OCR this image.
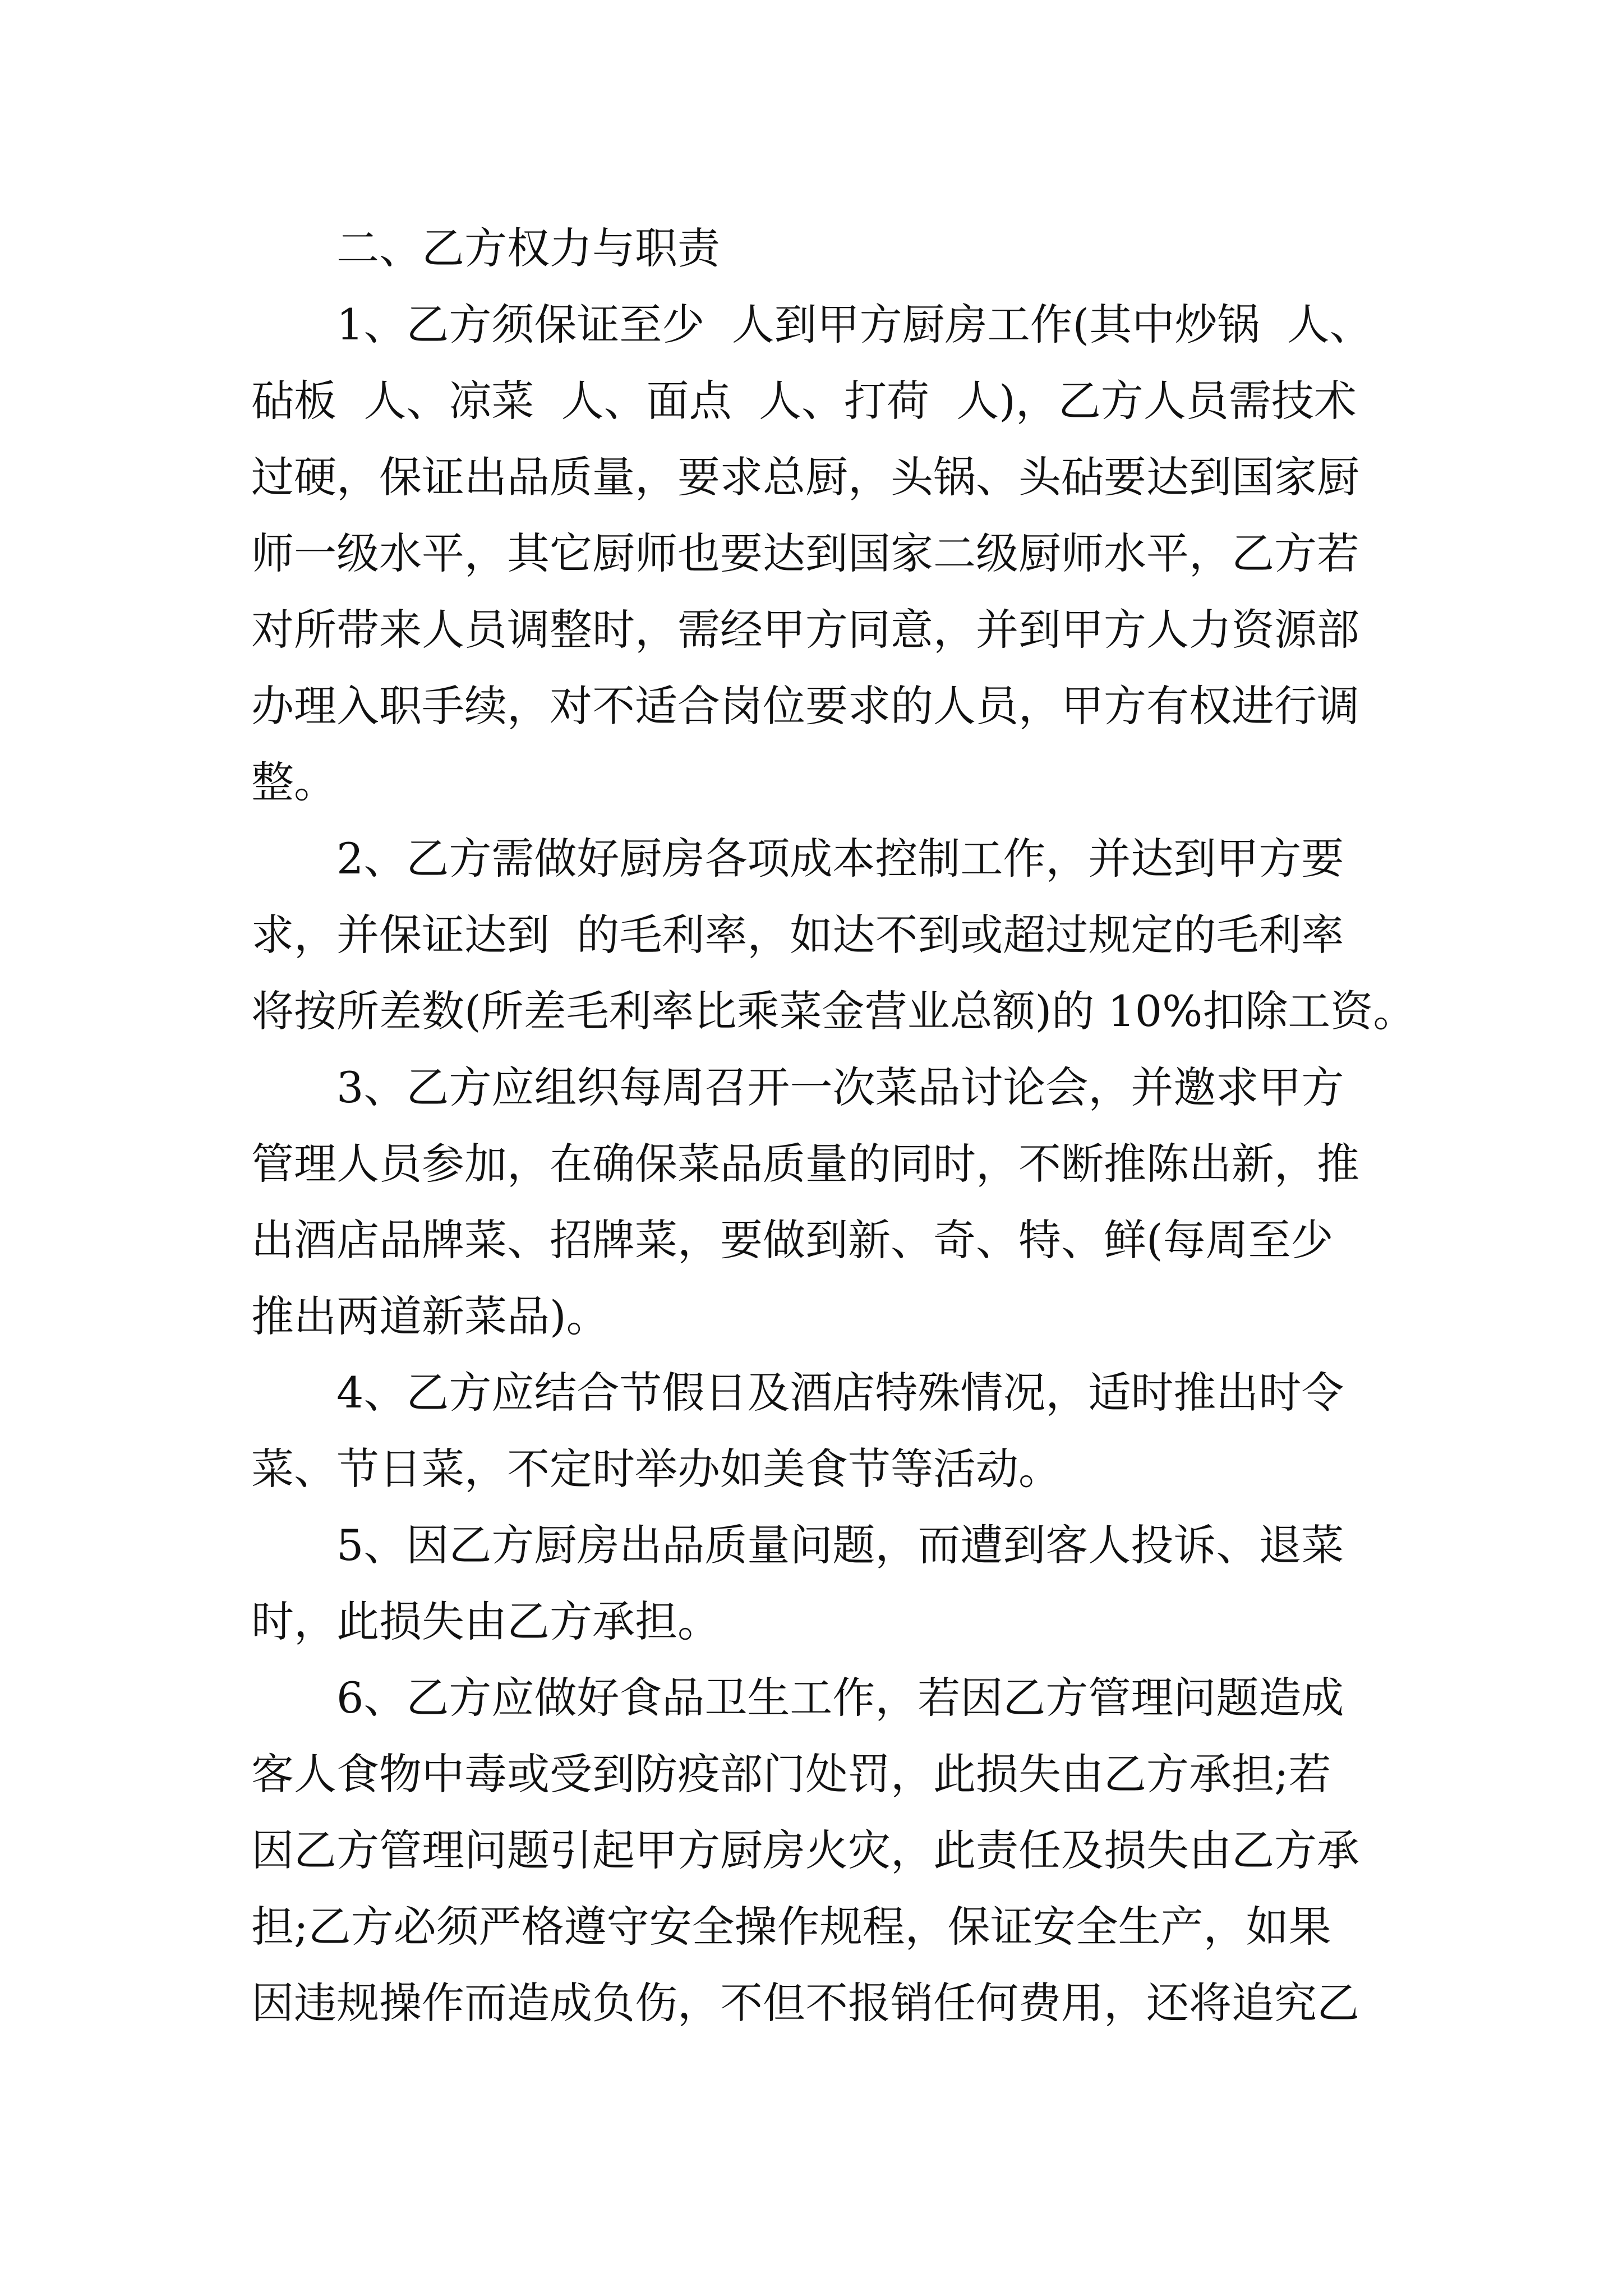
二、乙方权力与职责
1、乙方须保证至少  人到甲方厨房工作(其中炒锅  人、
砧板  人、凉菜  人、面点  人、打荷  人)，乙方人员需技术
过硬，保证出品质量，要求总厨，头锅、头砧要达到国家厨
师一级水平，其它厨师也要达到国家二级厨师水平，乙方若
对所带来人员调整时，需经甲方同意，并到甲方人力资源部
办理入职手续，对不适合岗位要求的人员，甲方有权进行调
整。
2、乙方需做好厨房各项成本控制工作，并达到甲方要
求，并保证达到  的毛利率，如达不到或超过规定的毛利率
将按所差数(所差毛利率比乘菜金营业总额)的 10%扣除工资。
3、乙方应组织每周召开一次菜品讨论会，并邀求甲方
管理人员参加，在确保菜品质量的同时，不断推陈出新，推
出酒店品牌菜、招牌菜，要做到新、奇、特、鲜(每周至少
推出两道新菜品)。
4、乙方应结合节假日及酒店特殊情况，适时推出时令
菜、节日菜，不定时举办如美食节等活动。
5、因乙方厨房出品质量问题，而遭到客人投诉、退菜
时，此损失由乙方承担。
6、乙方应做好食品卫生工作，若因乙方管理问题造成
客人食物中毒或受到防疫部门处罚，此损失由乙方承担;若
因乙方管理问题引起甲方厨房火灾，此责任及损失由乙方承
担;乙方必须严格遵守安全操作规程，保证安全生产，如果
因违规操作而造成负伤，不但不报销任何费用，还将追究乙
